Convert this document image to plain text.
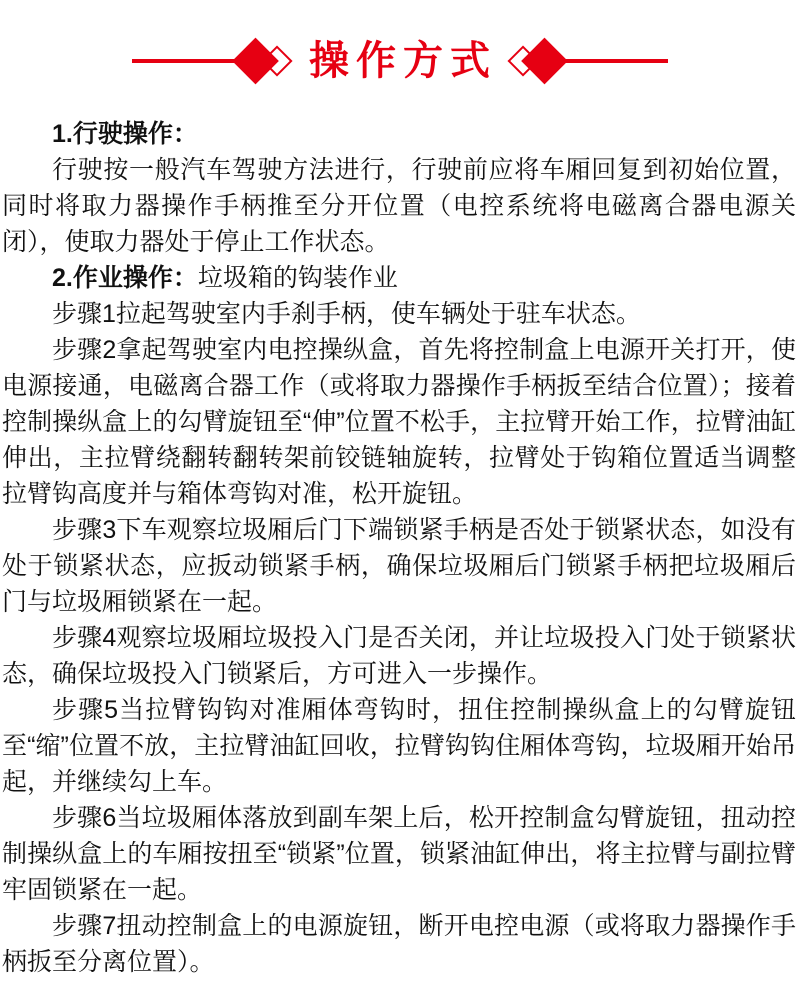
操作方式

1.行驶操作：

行驶按一般汽车驾驶方法进行，行驶前应将车厢回复到初始位置，同时将取力器操作手柄推至分开位置（电控系统将电磁离合器电源关闭），使取力器处于停止工作状态。

2.作业操作：垃圾箱的钩装作业

步骤1拉起驾驶室内手刹手柄，使车辆处于驻车状态。

步骤2拿起驾驶室内电控操纵盒，首先将控制盒上电源开关打开，使电源接通，电磁离合器工作（或将取力器操作手柄扳至结合位置）；接着控制操纵盒上的勾臂旋钮至“伸”位置不松手，主拉臂开始工作，拉臂油缸伸出，主拉臂绕翻转翻转架前铰链轴旋转，拉臂处于钩箱位置适当调整拉臂钩高度并与箱体弯钩对准，松开旋钮。

步骤3下车观察垃圾厢后门下端锁紧手柄是否处于锁紧状态，如没有处于锁紧状态，应扳动锁紧手柄，确保垃圾厢后门锁紧手柄把垃圾厢后门与垃圾厢锁紧在一起。

步骤4观察垃圾厢垃圾投入门是否关闭，并让垃圾投入门处于锁紧状态，确保垃圾投入门锁紧后，方可进入一步操作。

步骤5当拉臂钩钩对准厢体弯钩时，扭住控制操纵盒上的勾臂旋钮至“缩”位置不放，主拉臂油缸回收，拉臂钩钩住厢体弯钩，垃圾厢开始吊起，并继续勾上车。

步骤6当垃圾厢体落放到副车架上后，松开控制盒勾臂旋钮，扭动控制操纵盒上的车厢按扭至“锁紧”位置，锁紧油缸伸出，将主拉臂与副拉臂牢固锁紧在一起。

步骤7扭动控制盒上的电源旋钮，断开电控电源（或将取力器操作手柄扳至分离位置）。
